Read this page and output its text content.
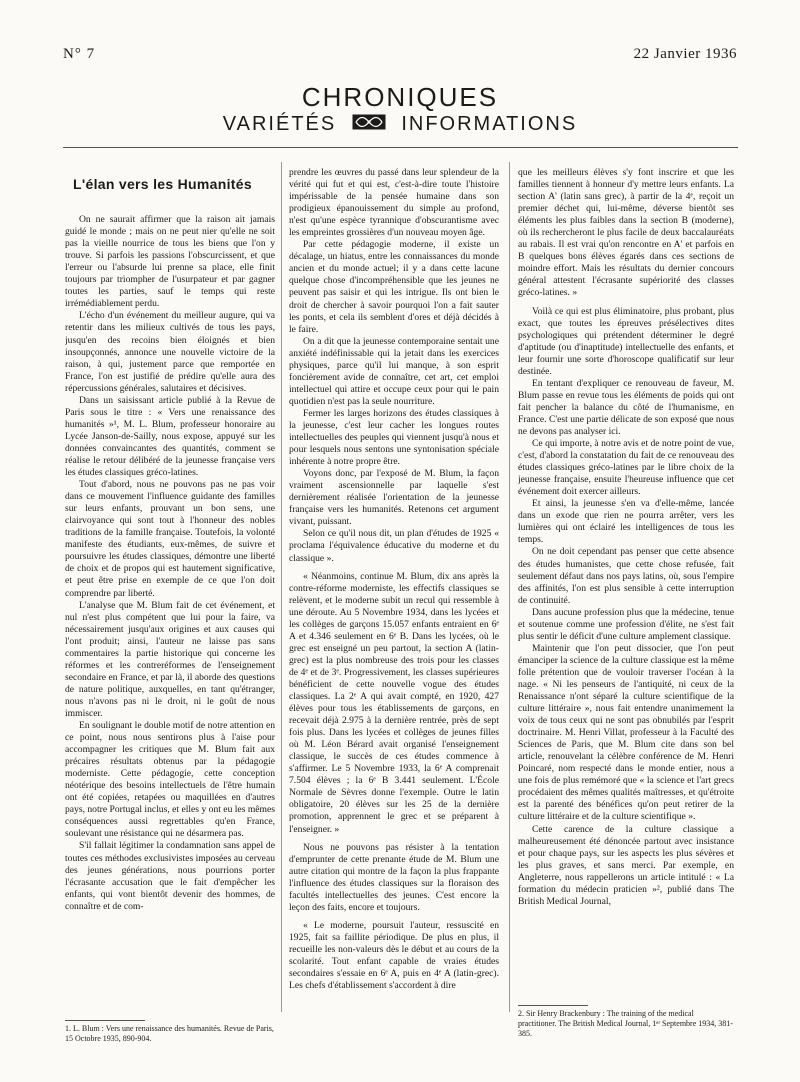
N° 7	22 Janvier 1936
CHRONIQUES
VARIÉTÉS	INFORMATIONS
L'élan vers les Humanités

On ne saurait affirmer que la raison ait jamais guidé le monde ; mais on ne peut nier qu'elle ne soit pas la vieille nourrice de tous les biens que l'on y trouve. Si parfois les passions l'obscurcissent, et que l'erreur ou l'absurde lui prenne sa place, elle finit toujours par triompher de l'usurpateur et par gagner toutes les parties, sauf le temps qui reste irrémédiablement perdu.

L'écho d'un événement du meilleur augure, qui va retentir dans les milieux cultivés de tous les pays, jusqu'en des recoins bien éloignés et bien insoupçonnés, annonce une nouvelle victoire de la raison, à qui, justement parce que remportée en France, l'on est justifié de prédire qu'elle aura des répercussions générales, salutaires et décisives.

Dans un saisissant article publié à la Revue de Paris sous le titre : « Vers une renaissance des humanités »¹, M. L. Blum, professeur honoraire au Lycée Janson-de-Sailly, nous expose, appuyé sur les données convaincantes des quantités, comment se réalise le retour délibéré de la jeunesse française vers les études classiques gréco-latines.

Tout d'abord, nous ne pouvons pas ne pas voir dans ce mouvement l'influence guidante des familles sur leurs enfants, prouvant un bon sens, une clairvoyance qui sont tout à l'honneur des nobles traditions de la famille française. Toutefois, la volonté manifeste des étudiants, eux-mêmes, de suivre et poursuivre les études classiques, démontre une liberté de choix et de propos qui est hautement significative, et peut être prise en exemple de ce que l'on doit comprendre par liberté.

L'analyse que M. Blum fait de cet événement, et nul n'est plus compétent que lui pour la faire, va nécessairement jusqu'aux origines et aux causes qui l'ont produit; ainsi, l'auteur ne laisse pas sans commentaires la partie historique qui concerne les réformes et les contreréformes de l'enseignement secondaire en France, et par là, il aborde des questions de nature politique, auxquelles, en tant qu'étranger, nous n'avons pas ni le droit, ni le goût de nous immiscer.

En soulignant le double motif de notre attention en ce point, nous nous sentirons plus à l'aise pour accompagner les critiques que M. Blum fait aux précaires résultats obtenus par la pédagogie moderniste. Cette pédagogie, cette conception néotérique des besoins intellectuels de l'être humain ont été copiées, retapées ou maquillées en d'autres pays, notre Portugal inclus, et elles y ont eu les mêmes conséquences aussi regrettables qu'en France, soulevant une résistance qui ne désarmera pas.

S'il fallait légitimer la condamnation sans appel de toutes ces méthodes exclusivistes imposées au cerveau des jeunes générations, nous pourrions porter l'écrasante accusation que le fait d'empêcher les enfants, qui vont bientôt devenir des hommes, de connaître et de com-

prendre les œuvres du passé dans leur splendeur de la vérité qui fut et qui est, c'est-à-dire toute l'histoire impérissable de la pensée humaine dans son prodigieux épanouissement du simple au profond, n'est qu'une espèce tyrannique d'obscurantisme avec les empreintes grossières d'un nouveau moyen âge.

Par cette pédagogie moderne, il existe un décalage, un hiatus, entre les connaissances du monde ancien et du monde actuel; il y a dans cette lacune quelque chose d'incompréhensible que les jeunes ne peuvent pas saisir et qui les intrigue. Ils ont bien le droit de chercher à savoir pourquoi l'on a fait sauter les ponts, et cela ils semblent d'ores et déjà décidés à le faire.

On a dit que la jeunesse contemporaine sentait une anxiété indéfinissable qui la jetait dans les exercices physiques, parce qu'il lui manque, à son esprit foncièrement avide de connaître, cet art, cet emploi intellectuel qui attire et occupe ceux pour qui le pain quotidien n'est pas la seule nourriture.

Fermer les larges horizons des études classiques à la jeunesse, c'est leur cacher les longues routes intellectuelles des peuples qui viennent jusqu'à nous et pour lesquels nous sentons une syntonisation spéciale inhérente à notre propre être.

Voyons donc, par l'exposé de M. Blum, la façon vraiment ascensionnelle par laquelle s'est dernièrement réalisée l'orientation de la jeunesse française vers les humanités. Retenons cet argument vivant, puissant.

Selon ce qu'il nous dit, un plan d'études de 1925 « proclama l'équivalence éducative du moderne et du classique ».

« Néanmoins, continue M. Blum, dix ans après la contre-réforme moderniste, les effectifs classiques se relèvent, et le moderne subit un recul qui ressemble à une déroute. Au 5 Novembre 1934, dans les lycées et les collèges de garçons 15.057 enfants entraient en 6ᵉ A et 4.346 seulement en 6ᵉ B. Dans les lycées, où le grec est enseigné un peu partout, la section A (latin-grec) est la plus nombreuse des trois pour les classes de 4ᵉ et de 3ᵉ. Progressivement, les classes supérieures bénéficient de cette nouvelle vogue des études classiques. La 2ᵉ A qui avait compté, en 1920, 427 élèves pour tous les établissements de garçons, en recevait déjà 2.975 à la dernière rentrée, près de sept fois plus. Dans les lycées et collèges de jeunes filles où M. Léon Bérard avait organisé l'enseignement classique, le succès de ces études commence à s'affirmer. Le 5 Novembre 1933, la 6ᵉ A comprenait 7.504 élèves ; la 6ᵉ B 3.441 seulement. L'École Normale de Sèvres donne l'exemple. Outre le latin obligatoire, 20 élèves sur les 25 de la dernière promotion, apprennent le grec et se préparent à l'enseigner. »

Nous ne pouvons pas résister à la tentation d'emprunter de cette prenante étude de M. Blum une autre citation qui montre de la façon la plus frappante l'influence des études classiques sur la floraison des facultés intellectuelles des jeunes. C'est encore la leçon des faits, encore et toujours.

« Le moderne, poursuit l'auteur, ressuscité en 1925, fait sa faillite périodique. De plus en plus, il recueille les non-valeurs dès le début et au cours de la scolarité. Tout enfant capable de vraies études secondaires s'essaie en 6ᵉ A, puis en 4ᵉ A (latin-grec). Les chefs d'établissement s'accordent à dire

que les meilleurs élèves s'y font inscrire et que les familles tiennent à honneur d'y mettre leurs enfants. La section A' (latin sans grec), à partir de la 4ᵉ, reçoit un premier déchet qui, lui-même, déverse bientôt ses éléments les plus faibles dans la section B (moderne), où ils rechercheront le plus facile de deux baccalauréats au rabais. Il est vrai qu'on rencontre en A' et parfois en B quelques bons élèves égarés dans ces sections de moindre effort. Mais les résultats du dernier concours général attestent l'écrasante supériorité des classes gréco-latines. »

Voilà ce qui est plus éliminatoire, plus probant, plus exact, que toutes les épreuves présélectives dites psychologiques qui prétendent déterminer le degré d'aptitude (ou d'inaptitude) intellectuelle des enfants, et leur fournir une sorte d'horoscope qualificatif sur leur destinée.

En tentant d'expliquer ce renouveau de faveur, M. Blum passe en revue tous les éléments de poids qui ont fait pencher la balance du côté de l'humanisme, en France. C'est une partie délicate de son exposé que nous ne devons pas analyser ici.

Ce qui importe, à notre avis et de notre point de vue, c'est, d'abord la constatation du fait de ce renouveau des études classiques gréco-latines par le libre choix de la jeunesse française, ensuite l'heureuse influence que cet événement doit exercer ailleurs.

Et ainsi, la jeunesse s'en va d'elle-même, lancée dans un exode que rien ne pourra arrêter, vers les lumières qui ont éclairé les intelligences de tous les temps.

On ne doit cependant pas penser que cette absence des études humanistes, que cette chose refusée, fait seulement défaut dans nos pays latins, où, sous l'empire des affinités, l'on est plus sensible à cette interruption de continuité.

Dans aucune profession plus que la médecine, tenue et soutenue comme une profession d'élite, ne s'est fait plus sentir le déficit d'une culture amplement classique.

Maintenir que l'on peut dissocier, que l'on peut émanciper la science de la culture classique est la même folle prétention que de vouloir traverser l'océan à la nage. « Ni les penseurs de l'antiquité, ni ceux de la Renaissance n'ont séparé la culture scientifique de la culture littéraire », nous fait entendre unanimement la voix de tous ceux qui ne sont pas obnubilés par l'esprit doctrinaire. M. Henri Villat, professeur à la Faculté des Sciences de Paris, que M. Blum cite dans son bel article, renouvelant la célèbre conférence de M. Henri Poincaré, nom respecté dans le monde entier, nous a une fois de plus remémoré que « la science et l'art grecs procédaient des mêmes qualités maîtresses, et qu'étroite est la parenté des bénéfices qu'on peut retirer de la culture littéraire et de la culture scientifique ».

Cette carence de la culture classique a malheureusement été dénoncée partout avec insistance et pour chaque pays, sur les aspects les plus sévères et les plus graves, et sans merci. Par exemple, en Angleterre, nous rappellerons un article intitulé : « La formation du médecin praticien »², publié dans The British Medical Journal,

1. L. Blum : Vers une renaissance des humanités. Revue de Paris, 15 Octobre 1935, 890-904.
2. Sir Henry Brackenbury : The training of the medical practitioner. The British Medical Journal, 1ᵉʳ Septembre 1934, 381-385.
